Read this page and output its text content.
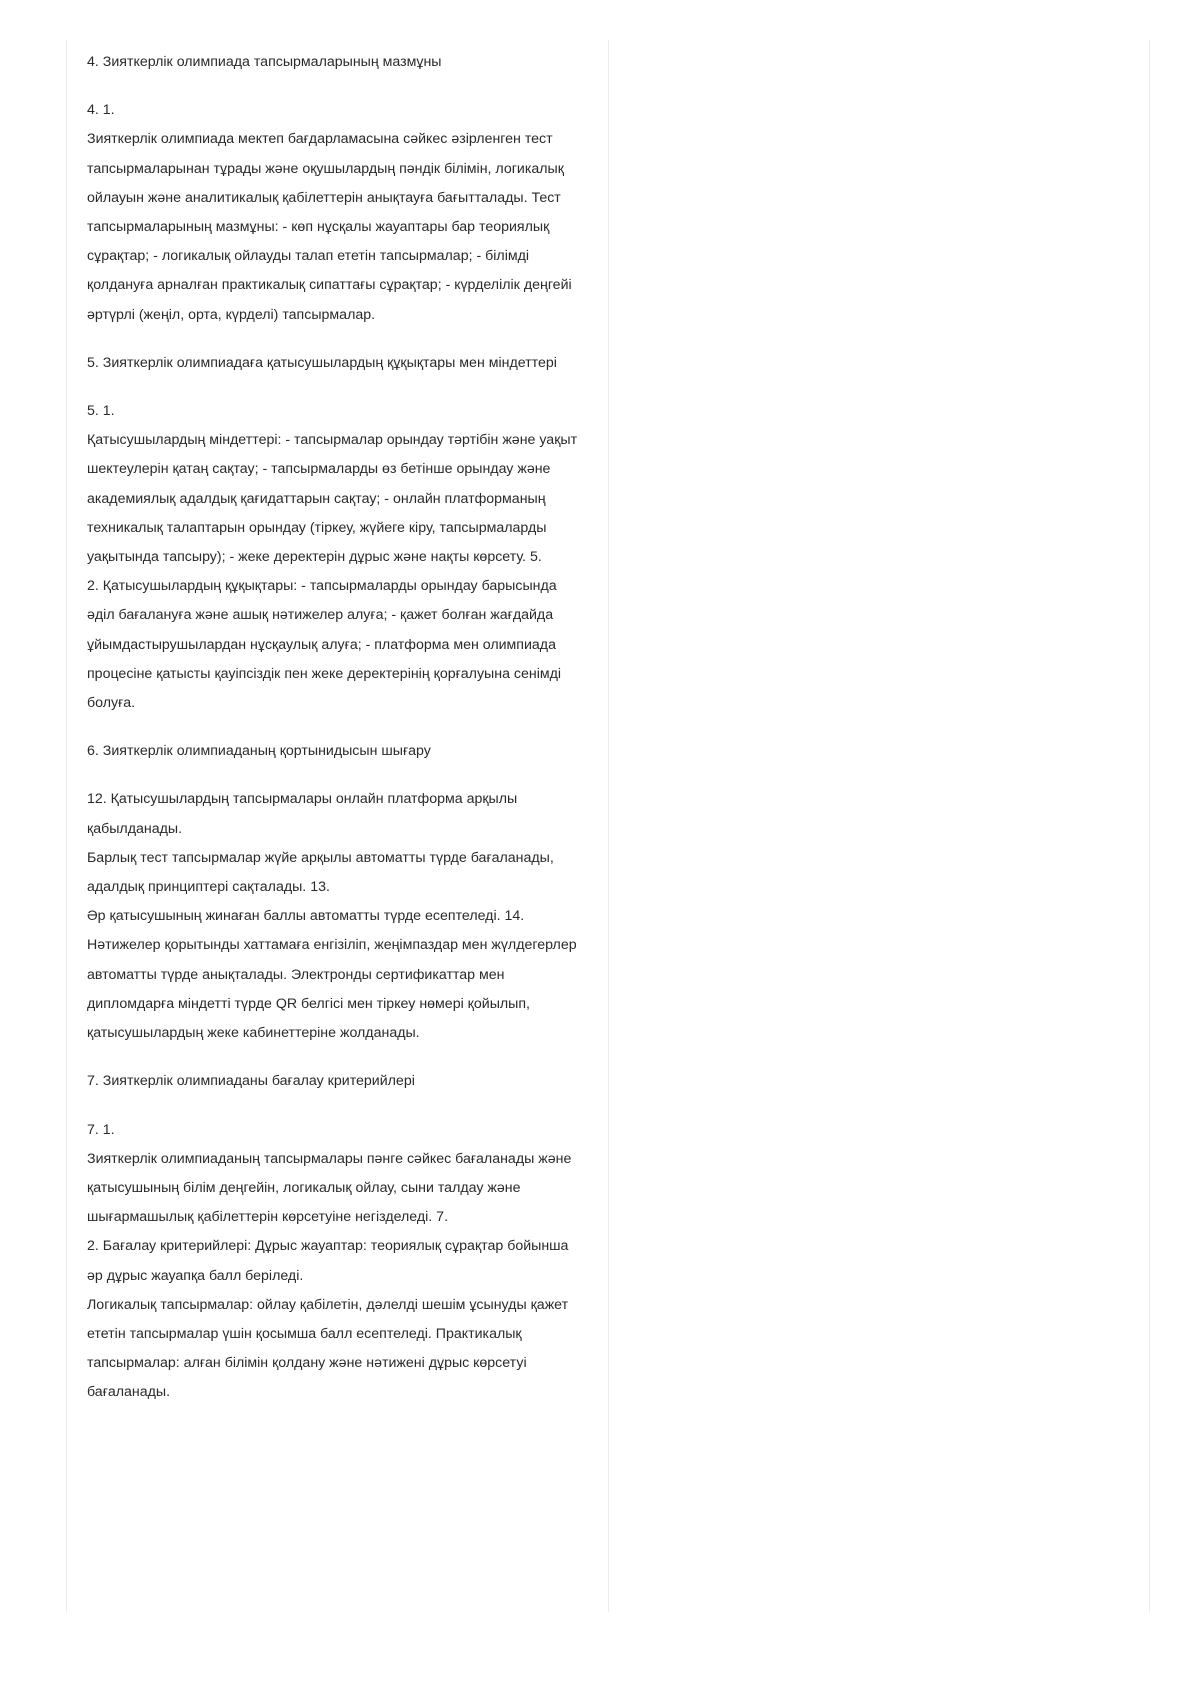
4. Зияткерлік олимпиада тапсырмаларының мазмұны

4. 1.

Зияткерлік олимпиада мектеп бағдарламасына сәйкес әзірленген тест тапсырмаларынан тұрады және оқушылардың пәндік білімін, логикалық ойлауын және аналитикалық қабілеттерін анықтауға бағытталады. Тест тапсырмаларының мазмұны: - көп нұсқалы жауаптары бар теориялық сұрақтар; - логикалық ойлауды талап ететін тапсырмалар; - білімді қолдануға арналған практикалық сипаттағы сұрақтар; - күрделілік деңгейі әртүрлі (жеңіл, орта, күрделі) тапсырмалар.

5. Зияткерлік олимпиадаға қатысушылардың құқықтары мен міндеттері

5. 1.

Қатысушылардың міндеттері: - тапсырмалар орындау тәртібін және уақыт шектеулерін қатаң сақтау; - тапсырмаларды өз бетінше орындау және академиялық адалдық қағидаттарын сақтау; - онлайн платформаның техникалық талаптарын орындау (тіркеу, жүйеге кіру, тапсырмаларды уақытында тапсыру); - жеке деректерін дұрыс және нақты көрсету. 5.

2. Қатысушылардың құқықтары: - тапсырмаларды орындау барысында әділ бағалануға және ашық нәтижелер алуға; - қажет болған жағдайда ұйымдастырушылардан нұсқаулық алуға; - платформа мен олимпиада процесіне қатысты қауіпсіздік пен жеке деректерінің қорғалуына сенімді болуға.

6. Зияткерлік олимпиаданың қортынидысын шығару

12. Қатысушылардың тапсырмалары онлайн платформа арқылы қабылданады.

Барлық тест тапсырмалар жүйе арқылы автоматты түрде бағаланады, адалдық принциптері сақталады. 13.

Әр қатысушының жинаған баллы автоматты түрде есептеледі. 14.

Нәтижелер қорытынды хаттамаға енгізіліп, жеңімпаздар мен жүлдегерлер автоматты түрде анықталады. Электронды сертификаттар мен дипломдарға міндетті түрде QR белгісі мен тіркеу нөмері қойылып, қатысушылардың жеке кабинеттеріне жолданады.

7. Зияткерлік олимпиаданы бағалау критерийлері

7. 1.

Зияткерлік олимпиаданың тапсырмалары пәнге сәйкес бағаланады және қатысушының білім деңгейін, логикалық ойлау, сыни талдау және шығармашылық қабілеттерін көрсетуіне негізделеді. 7.

2. Бағалау критерийлері: Дұрыс жауаптар: теориялық сұрақтар бойынша әр дұрыс жауапқа балл беріледі.

Логикалық тапсырмалар: ойлау қабілетін, дәлелді шешім ұсынуды қажет ететін тапсырмалар үшін қосымша балл есептеледі. Практикалық тапсырмалар: алған білімін қолдану және нәтижені дұрыс көрсетуі бағаланады.
